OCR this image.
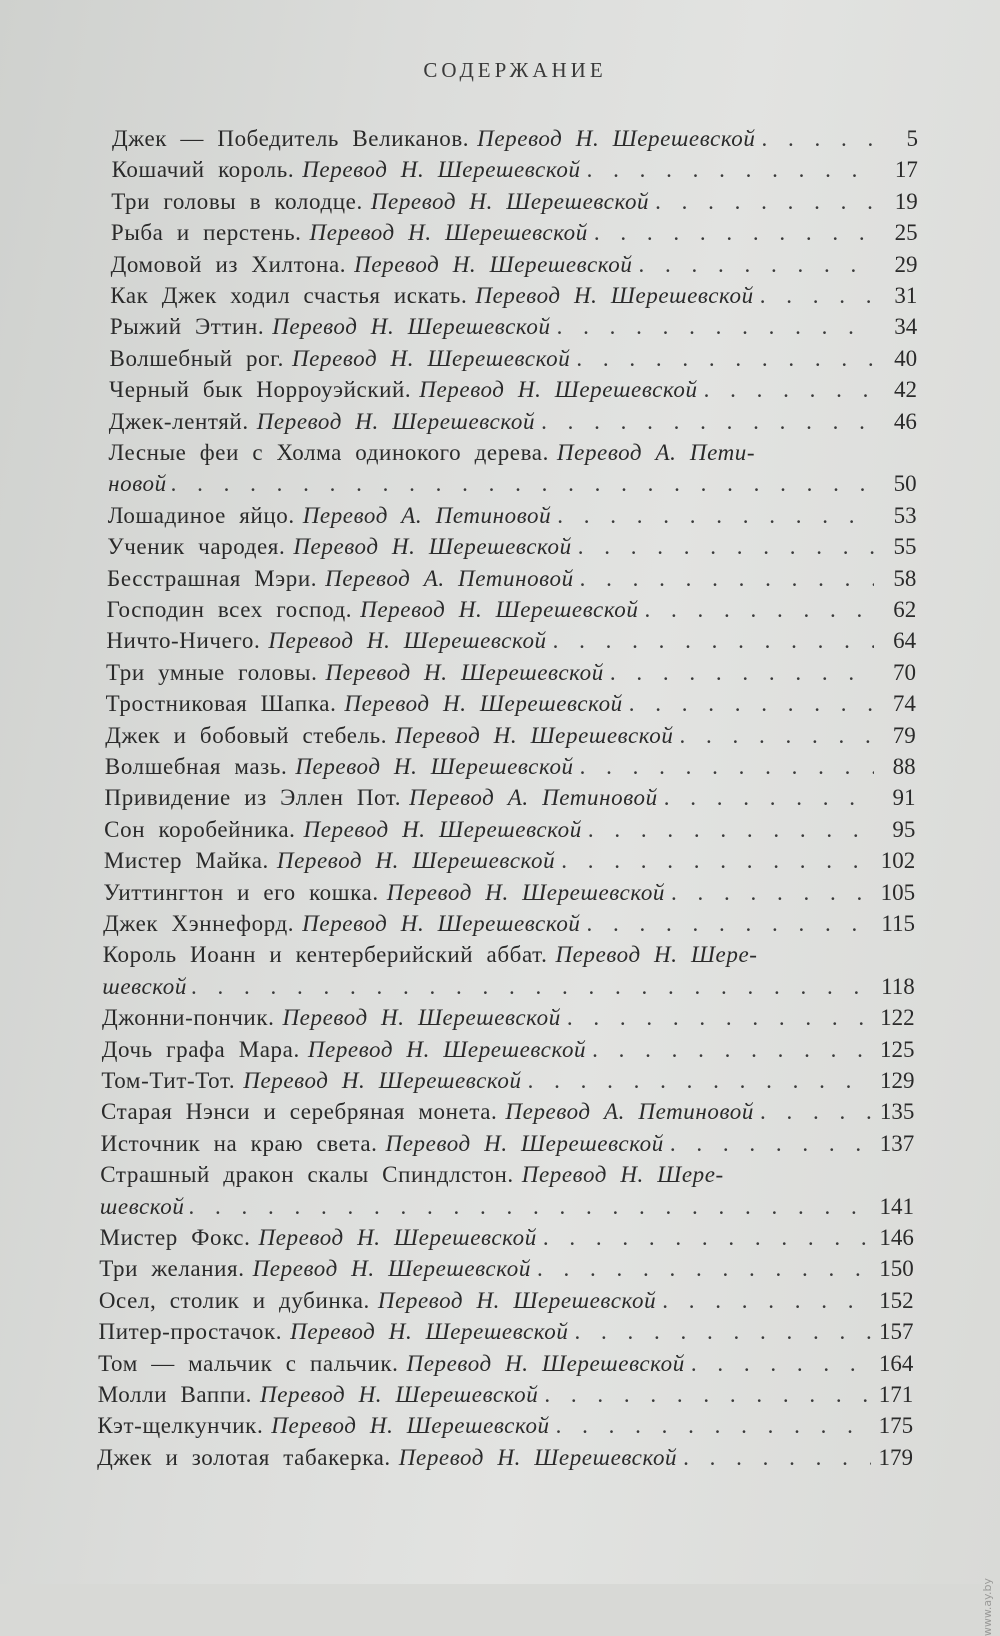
СОДЕРЖАНИЕ
Джек — Победитель Великанов. Перевод Н. Шерешевской . . .	5
Кошачий король. Перевод Н. Шерешевской . . .	17
Три головы в колодце. Перевод Н. Шерешевской . . .	19
Рыба и перстень. Перевод Н. Шерешевской . . .	25
Домовой из Хилтона. Перевод Н. Шерешевской . . .	29
Как Джек ходил счастья искать. Перевод Н. Шерешевской . . .	31
Рыжий Эттин. Перевод Н. Шерешевской . . .	34
Волшебный рог. Перевод Н. Шерешевской . . .	40
Черный бык Норроуэйский. Перевод Н. Шерешевской . . .	42
Джек-лентяй. Перевод Н. Шерешевской . . .	46
Лесные феи с Холма одинокого дерева. Перевод А. Пети-
новой . . .	50
Лошадиное яйцо. Перевод А. Петиновой . . .	53
Ученик чародея. Перевод Н. Шерешевской . . .	55
Бесстрашная Мэри. Перевод А. Петиновой . . .	58
Господин всех господ. Перевод Н. Шерешевской . . .	62
Ничто-Ничего. Перевод Н. Шерешевской . . .	64
Три умные головы. Перевод Н. Шерешевской . . .	70
Тростниковая Шапка. Перевод Н. Шерешевской . . .	74
Джек и бобовый стебель. Перевод Н. Шерешевской . . .	79
Волшебная мазь. Перевод Н. Шерешевской . . .	88
Привидение из Эллен Пот. Перевод А. Петиновой . . .	91
Сон коробейника. Перевод Н. Шерешевской . . .	95
Мистер Майка. Перевод Н. Шерешевской . . .	102
Уиттингтон и его кошка. Перевод Н. Шерешевской . . .	105
Джек Хэннефорд. Перевод Н. Шерешевской . . .	115
Король Иоанн и кентерберийский аббат. Перевод Н. Шере-
шевской . . .	118
Джонни-пончик. Перевод Н. Шерешевской . . .	122
Дочь графа Мара. Перевод Н. Шерешевской . . .	125
Том-Тит-Тот. Перевод Н. Шерешевской . . .	129
Старая Нэнси и серебряная монета. Перевод А. Петиновой . . .	135
Источник на краю света. Перевод Н. Шерешевской . . .	137
Страшный дракон скалы Спиндлстон. Перевод Н. Шере-
шевской . . .	141
Мистер Фокс. Перевод Н. Шерешевской . . .	146
Три желания. Перевод Н. Шерешевской . . .	150
Осел, столик и дубинка. Перевод Н. Шерешевской . . .	152
Питер-простачок. Перевод Н. Шерешевской . . .	157
Том — мальчик с пальчик. Перевод Н. Шерешевской . . .	164
Молли Ваппи. Перевод Н. Шерешевской . . .	171
Кэт-щелкунчик. Перевод Н. Шерешевской . . .	175
Джек и золотая табакерка. Перевод Н. Шерешевской . . .	179
www.ay.by
